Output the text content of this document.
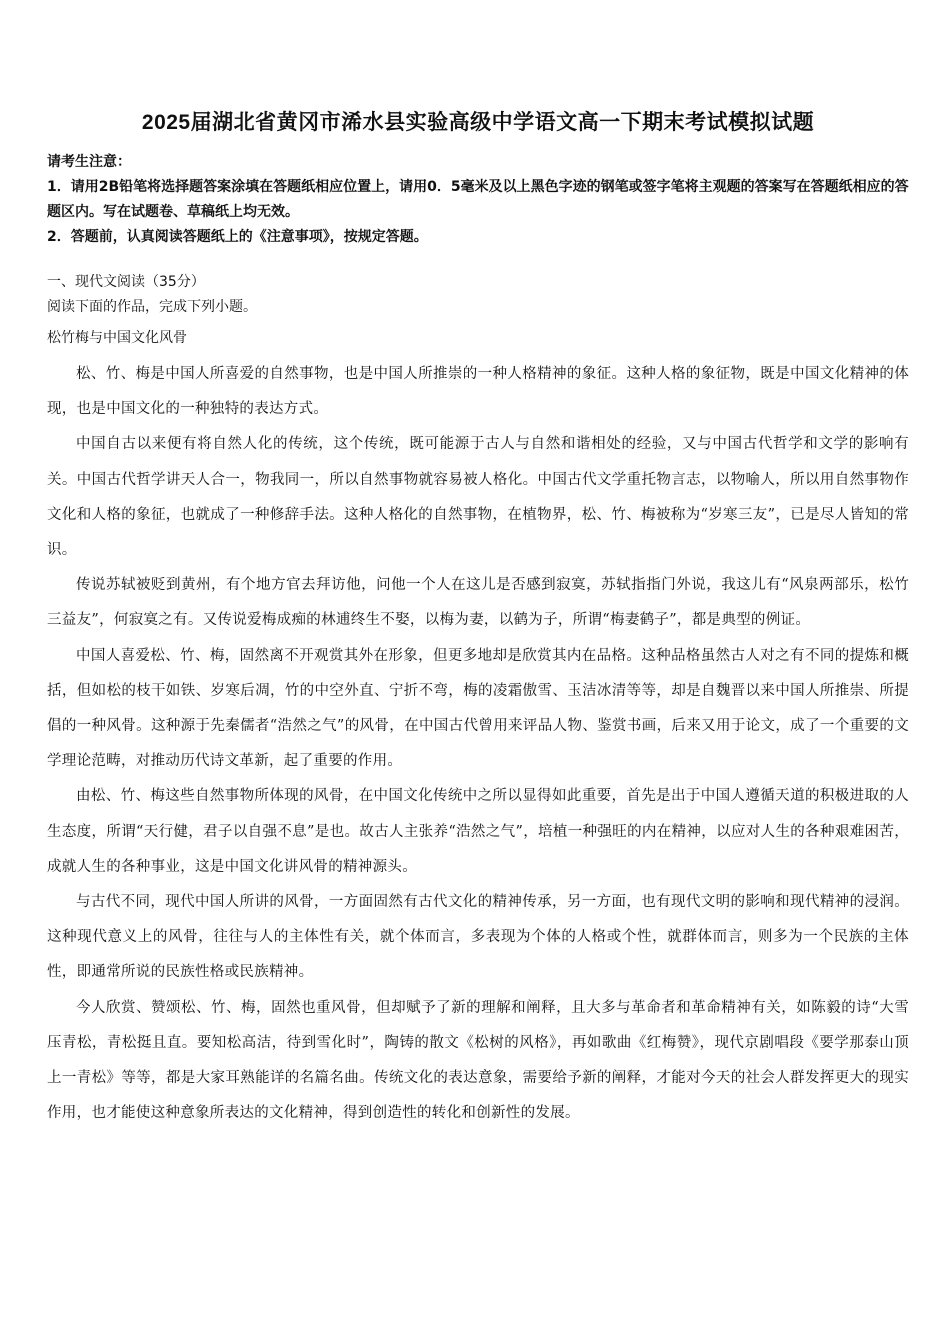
2025届湖北省黄冈市浠水县实验高级中学语文高一下期末考试模拟试题

请考生注意：

1．请用2B铅笔将选择题答案涂填在答题纸相应位置上，请用0．5毫米及以上黑色字迹的钢笔或签字笔将主观题的答案写在答题纸相应的答题区内。写在试题卷、草稿纸上均无效。

2．答题前，认真阅读答题纸上的《注意事项》，按规定答题。

一、现代文阅读（35分）

阅读下面的作品，完成下列小题。

松竹梅与中国文化风骨

松、竹、梅是中国人所喜爱的自然事物，也是中国人所推崇的一种人格精神的象征。这种人格的象征物，既是中国文化精神的体现，也是中国文化的一种独特的表达方式。

中国自古以来便有将自然人化的传统，这个传统，既可能源于古人与自然和谐相处的经验，又与中国古代哲学和文学的影响有关。中国古代哲学讲天人合一，物我同一，所以自然事物就容易被人格化。中国古代文学重托物言志，以物喻人，所以用自然事物作文化和人格的象征，也就成了一种修辞手法。这种人格化的自然事物，在植物界，松、竹、梅被称为“岁寒三友”，已是尽人皆知的常识。

传说苏轼被贬到黄州，有个地方官去拜访他，问他一个人在这儿是否感到寂寞，苏轼指指门外说，我这儿有“风泉两部乐，松竹三益友”，何寂寞之有。又传说爱梅成痴的林逋终生不娶，以梅为妻，以鹤为子，所谓“梅妻鹤子”，都是典型的例证。

中国人喜爱松、竹、梅，固然离不开观赏其外在形象，但更多地却是欣赏其内在品格。这种品格虽然古人对之有不同的提炼和概括，但如松的枝干如铁、岁寒后凋，竹的中空外直、宁折不弯，梅的凌霜傲雪、玉洁冰清等等，却是自魏晋以来中国人所推崇、所提倡的一种风骨。这种源于先秦儒者“浩然之气”的风骨，在中国古代曾用来评品人物、鉴赏书画，后来又用于论文，成了一个重要的文学理论范畴，对推动历代诗文革新，起了重要的作用。

由松、竹、梅这些自然事物所体现的风骨，在中国文化传统中之所以显得如此重要，首先是出于中国人遵循天道的积极进取的人生态度，所谓“天行健，君子以自强不息”是也。故古人主张养“浩然之气”，培植一种强旺的内在精神，以应对人生的各种艰难困苦，成就人生的各种事业，这是中国文化讲风骨的精神源头。

与古代不同，现代中国人所讲的风骨，一方面固然有古代文化的精神传承，另一方面，也有现代文明的影响和现代精神的浸润。这种现代意义上的风骨，往往与人的主体性有关，就个体而言，多表现为个体的人格或个性，就群体而言，则多为一个民族的主体性，即通常所说的民族性格或民族精神。

今人欣赏、赞颂松、竹、梅，固然也重风骨，但却赋予了新的理解和阐释，且大多与革命者和革命精神有关，如陈毅的诗“大雪压青松，青松挺且直。要知松高洁，待到雪化时”，陶铸的散文《松树的风格》，再如歌曲《红梅赞》，现代京剧唱段《要学那泰山顶上一青松》等等，都是大家耳熟能详的名篇名曲。传统文化的表达意象，需要给予新的阐释，才能对今天的社会人群发挥更大的现实作用，也才能使这种意象所表达的文化精神，得到创造性的转化和创新性的发展。
